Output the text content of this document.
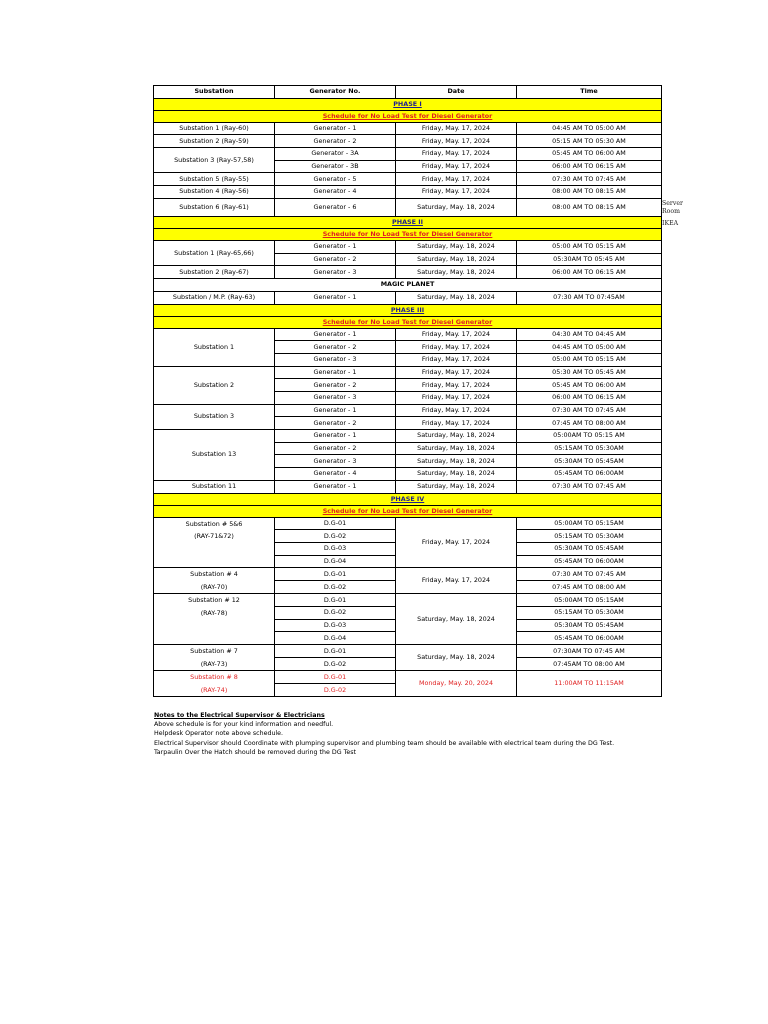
Substation	Generator No.	Date	Time
PHASE I			
Schedule for No Load Test for Diesel Generator			
Substation 1 (Ray-60)	Generator - 1	Friday, May. 17, 2024	04:45 AM TO 05:00 AM
Substation 2 (Ray-59)	Generator - 2	Friday, May. 17, 2024	05:15 AM TO 05:30 AM
Substation 3 (Ray-57,58)	Generator - 3A	Friday, May. 17, 2024	05:45 AM TO 06:00 AM
	Generator - 3B	Friday, May. 17, 2024	06:00 AM TO 06:15 AM
Substation 5 (Ray-55)	Generator - 5	Friday, May. 17, 2024	07:30 AM TO 07:45 AM
Substation 4 (Ray-56)	Generator - 4	Friday, May. 17, 2024	08:00 AM TO 08:15 AM
Substation 6 (Ray-61)	Generator - 6	Saturday, May. 18, 2024	08:00 AM TO 08:15 AM
PHASE II			
Schedule for No Load Test for Diesel Generator			
Substation 1 (Ray-65,66)	Generator - 1	Saturday, May. 18, 2024	05:00 AM TO 05:15 AM
	Generator - 2	Saturday, May. 18, 2024	05:30AM TO 05:45 AM
Substation 2 (Ray-67)	Generator - 3	Saturday, May. 18, 2024	06:00 AM TO 06:15 AM
MAGIC PLANET			
Substation / M.P. (Ray-63)	Generator - 1	Saturday, May. 18, 2024	07:30 AM TO 07:45AM
PHASE III			
Schedule for No Load Test for Diesel Generator			
Substation 1	Generator - 1	Friday, May. 17, 2024	04:30 AM TO 04:45 AM
	Generator - 2	Friday, May. 17, 2024	04:45 AM TO 05:00 AM
	Generator - 3	Friday, May. 17, 2024	05:00 AM TO 05:15 AM
Substation 2	Generator - 1	Friday, May. 17, 2024	05:30 AM TO 05:45 AM
	Generator - 2	Friday, May. 17, 2024	05:45 AM TO 06:00 AM
	Generator - 3	Friday, May. 17, 2024	06:00 AM TO 06:15 AM
Substation 3	Generator - 1	Friday, May. 17, 2024	07:30 AM TO 07:45 AM
	Generator - 2	Friday, May. 17, 2024	07:45 AM TO 08:00 AM
Substation 13	Generator - 1	Saturday, May. 18, 2024	05:00AM TO 05:15 AM
	Generator - 2	Saturday, May. 18, 2024	05:15AM TO 05:30AM
	Generator - 3	Saturday, May. 18, 2024	05:30AM TO 05:45AM
	Generator - 4	Saturday, May. 18, 2024	05:45AM TO 06:00AM
Substation 11	Generator - 1	Saturday, May. 18, 2024	07:30 AM TO 07:45 AM
PHASE IV			
Schedule for No Load Test for Diesel Generator			

Substation # 5&6
(RAY-71&72)	D.G-01	Friday, May. 17, 2024	05:00AM TO 05:15AM
	D.G-02		05:15AM TO 05:30AM
	D.G-03		05:30AM TO 05:45AM
	D.G-04		05:45AM TO 06:00AM

Substation # 4
(RAY-70)	D.G-01	Friday, May. 17, 2024	07:30 AM TO 07:45 AM
	D.G-02		07:45 AM TO 08:00 AM

Substation # 12
(RAY-78)	D.G-01	Saturday, May. 18, 2024	05:00AM TO 05:15AM
	D.G-02		05:15AM TO 05:30AM
	D.G-03		05:30AM TO 05:45AM
	D.G-04		05:45AM TO 06:00AM

Substation # 7
(RAY-73)	D.G-01	Saturday, May. 18, 2024	07:30AM TO 07:45 AM
	D.G-02		07:45AM TO 08:00 AM

Substation # 8
(RAY-74)	D.G-01	Monday, May. 20, 2024	11:00AM TO 11:15AM
	D.G-02		
Server
Room
IKEA
Notes to the Electrical Supervisor & Electricians
Above schedule is for your kind information and needful.
Helpdesk Operator note above schedule.
Electrical Supervisor should Coordinate with plumping supervisor and plumbing team should be available with electrical team during the DG Test.
Tarpaulin Over the Hatch should be removed during the DG Test
